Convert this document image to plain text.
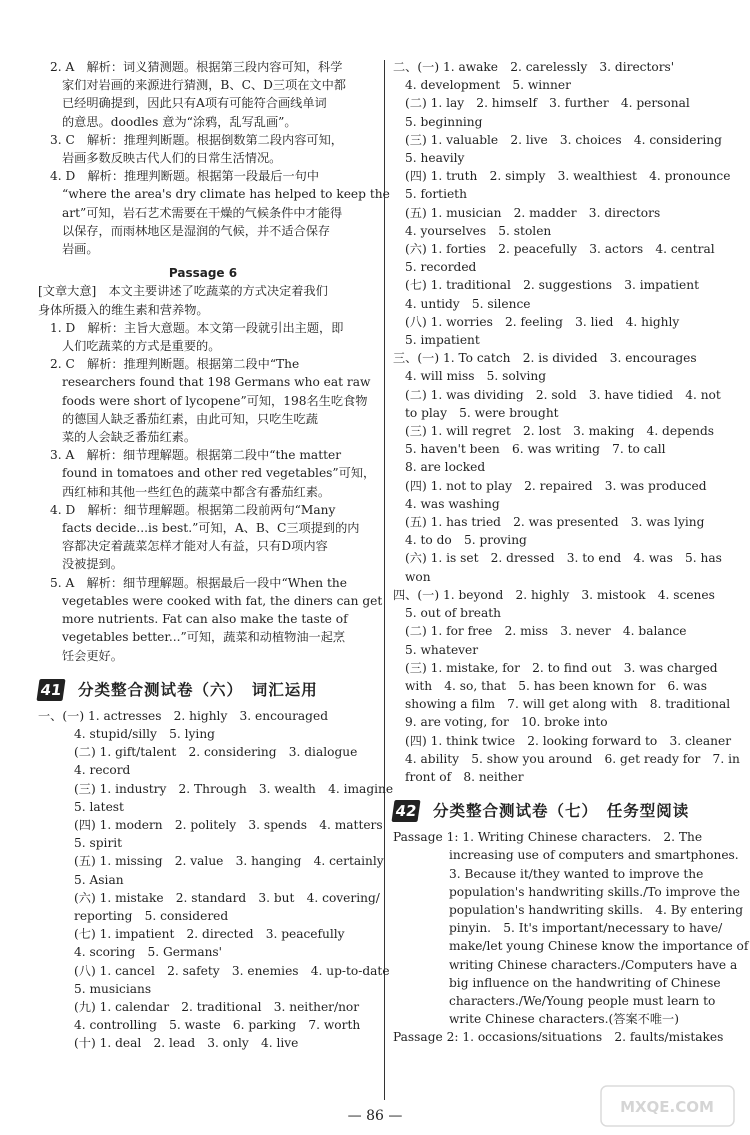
2. A　解析：词义猜测题。根据第三段内容可知，科学
家们对岩画的来源进行猜测，B、C、D三项在文中都
已经明确提到，因此只有A项有可能符合画线单词
的意思。doodles 意为“涂鸦，乱写乱画”。
3. C　解析：推理判断题。根据倒数第二段内容可知，
岩画多数反映古代人们的日常生活情况。
4. D　解析：推理判断题。根据第一段最后一句中
“where the area's dry climate has helped to keep the
art”可知，岩石艺术需要在干燥的气候条件中才能得
以保存，而雨林地区是湿润的气候，并不适合保存
岩画。
Passage 6
[文章大意]　本文主要讲述了吃蔬菜的方式决定着我们
身体所摄入的维生素和营养物。
1. D　解析：主旨大意题。本文第一段就引出主题，即
人们吃蔬菜的方式是重要的。
2. C　解析：推理判断题。根据第二段中“The
researchers found that 198 Germans who eat raw
foods were short of lycopene”可知，198名生吃食物
的德国人缺乏番茄红素，由此可知，只吃生吃蔬
菜的人会缺乏番茄红素。
3. A　解析：细节理解题。根据第二段中“the matter
found in tomatoes and other red vegetables”可知，
西红柿和其他一些红色的蔬菜中都含有番茄红素。
4. D　解析：细节理解题。根据第二段前两句“Many
facts decide...is best.”可知，A、B、C三项提到的内
容都决定着蔬菜怎样才能对人有益，只有D项内容
没被提到。
5. A　解析：细节理解题。根据最后一段中“When the
vegetables were cooked with fat, the diners can get
more nutrients. Fat can also make the taste of
vegetables better...”可知，蔬菜和动植物油一起烹
饪会更好。
41 分类整合测试卷（六）　词汇运用
一、(一) 1. actresses　2. highly　3. encouraged
4. stupid/silly　5. lying
(二) 1. gift/talent　2. considering　3. dialogue
4. record
(三) 1. industry　2. Through　3. wealth　4. imagine
5. latest
(四) 1. modern　2. politely　3. spends　4. matters
5. spirit
(五) 1. missing　2. value　3. hanging　4. certainly
5. Asian
(六) 1. mistake　2. standard　3. but　4. covering/
reporting　5. considered
(七) 1. impatient　2. directed　3. peacefully
4. scoring　5. Germans'
(八) 1. cancel　2. safety　3. enemies　4. up-to-date
5. musicians
(九) 1. calendar　2. traditional　3. neither/nor
4. controlling　5. waste　6. parking　7. worth
(十) 1. deal　2. lead　3. only　4. live
二、(一) 1. awake　2. carelessly　3. directors'
4. development　5. winner
(二) 1. lay　2. himself　3. further　4. personal
5. beginning
(三) 1. valuable　2. live　3. choices　4. considering
5. heavily
(四) 1. truth　2. simply　3. wealthiest　4. pronounce
5. fortieth
(五) 1. musician　2. madder　3. directors
4. yourselves　5. stolen
(六) 1. forties　2. peacefully　3. actors　4. central
5. recorded
(七) 1. traditional　2. suggestions　3. impatient
4. untidy　5. silence
(八) 1. worries　2. feeling　3. lied　4. highly
5. impatient
三、(一) 1. To catch　2. is divided　3. encourages
4. will miss　5. solving
(二) 1. was dividing　2. sold　3. have tidied　4. not
to play　5. were brought
(三) 1. will regret　2. lost　3. making　4. depends
5. haven't been　6. was writing　7. to call
8. are locked
(四) 1. not to play　2. repaired　3. was produced
4. was washing
(五) 1. has tried　2. was presented　3. was lying
4. to do　5. proving
(六) 1. is set　2. dressed　3. to end　4. was　5. has
won
四、(一) 1. beyond　2. highly　3. mistook　4. scenes
5. out of breath
(二) 1. for free　2. miss　3. never　4. balance
5. whatever
(三) 1. mistake, for　2. to find out　3. was charged
with　4. so, that　5. has been known for　6. was
showing a film　7. will get along with　8. traditional
9. are voting, for　10. broke into
(四) 1. think twice　2. looking forward to　3. cleaner
4. ability　5. show you around　6. get ready for　7. in
front of　8. neither
42 分类整合测试卷（七）　任务型阅读
Passage 1: 1. Writing Chinese characters.　2. The
increasing use of computers and smartphones.
3. Because it/they wanted to improve the
population's handwriting skills./To improve the
population's handwriting skills.　4. By entering
pinyin.　5. It's important/necessary to have/
make/let young Chinese know the importance of
writing Chinese characters./Computers have a
big influence on the handwriting of Chinese
characters./We/Young people must learn to
write Chinese characters.(答案不唯一)
Passage 2: 1. occasions/situations　2. faults/mistakes
— 86 —	MXQE.COM
